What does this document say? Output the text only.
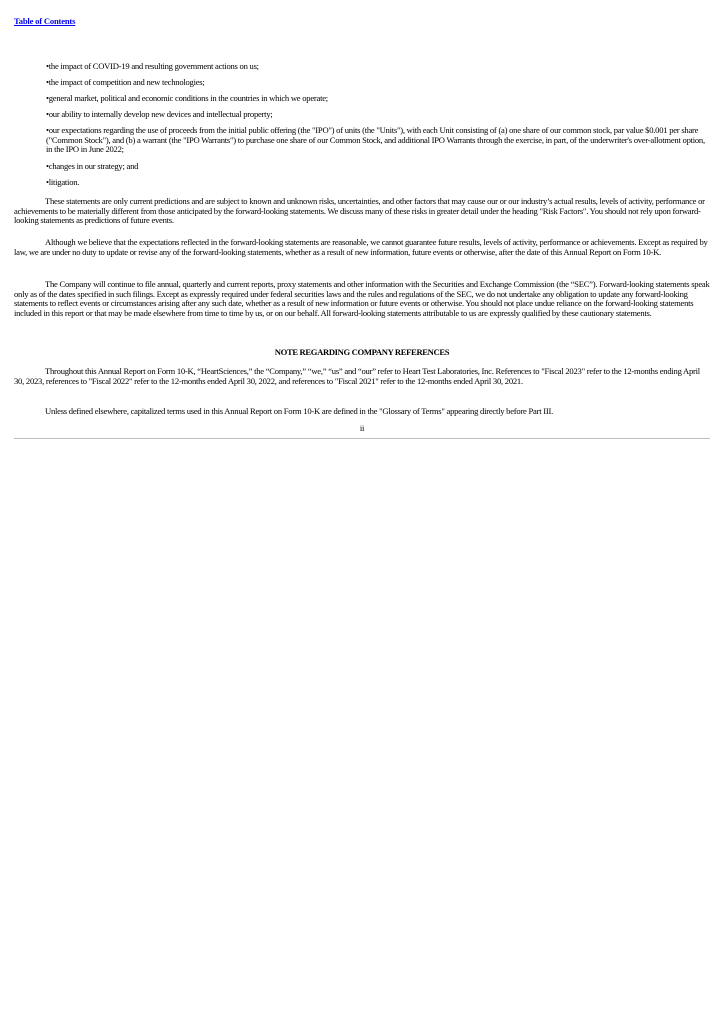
Table of Contents

•the impact of COVID-19 and resulting government actions on us;

•the impact of competition and new technologies;

•general market, political and economic conditions in the countries in which we operate;

•our ability to internally develop new devices and intellectual property;

•our expectations regarding the use of proceeds from the initial public offering (the "IPO") of units (the "Units"), with each Unit consisting of (a) one share of our common stock, par value $0.001 per share ("Common Stock"), and (b) a warrant (the "IPO Warrants") to purchase one share of our Common Stock, and additional IPO Warrants through the exercise, in part, of the underwriter's over-allotment option, in the IPO in June 2022;

•changes in our strategy; and

•litigation.

These statements are only current predictions and are subject to known and unknown risks, uncertainties, and other factors that may cause our or our industry’s actual results, levels of activity, performance or achievements to be materially different from those anticipated by the forward-looking statements. We discuss many of these risks in greater detail under the heading "Risk Factors". You should not rely upon forward-looking statements as predictions of future events.

Although we believe that the expectations reflected in the forward-looking statements are reasonable, we cannot guarantee future results, levels of activity, performance or achievements. Except as required by law, we are under no duty to update or revise any of the forward-looking statements, whether as a result of new information, future events or otherwise, after the date of this Annual Report on Form 10-K.

The Company will continue to file annual, quarterly and current reports, proxy statements and other information with the Securities and Exchange Commission (the “SEC”). Forward-looking statements speak only as of the dates specified in such filings. Except as expressly required under federal securities laws and the rules and regulations of the SEC, we do not undertake any obligation to update any forward-looking statements to reflect events or circumstances arising after any such date, whether as a result of new information or future events or otherwise. You should not place undue reliance on the forward-looking statements included in this report or that may be made elsewhere from time to time by us, or on our behalf. All forward-looking statements attributable to us are expressly qualified by these cautionary statements.

NOTE REGARDING COMPANY REFERENCES

Throughout this Annual Report on Form 10-K, “HeartSciences,” the “Company,” “we,” “us” and “our” refer to Heart Test Laboratories, Inc. References to "Fiscal 2023" refer to the 12-months ending April 30, 2023, references to "Fiscal 2022" refer to the 12-months ended April 30, 2022, and references to "Fiscal 2021" refer to the 12-months ended April 30, 2021.

Unless defined elsewhere, capitalized terms used in this Annual Report on Form 10-K are defined in the "Glossary of Terms" appearing directly before Part III.

ii
